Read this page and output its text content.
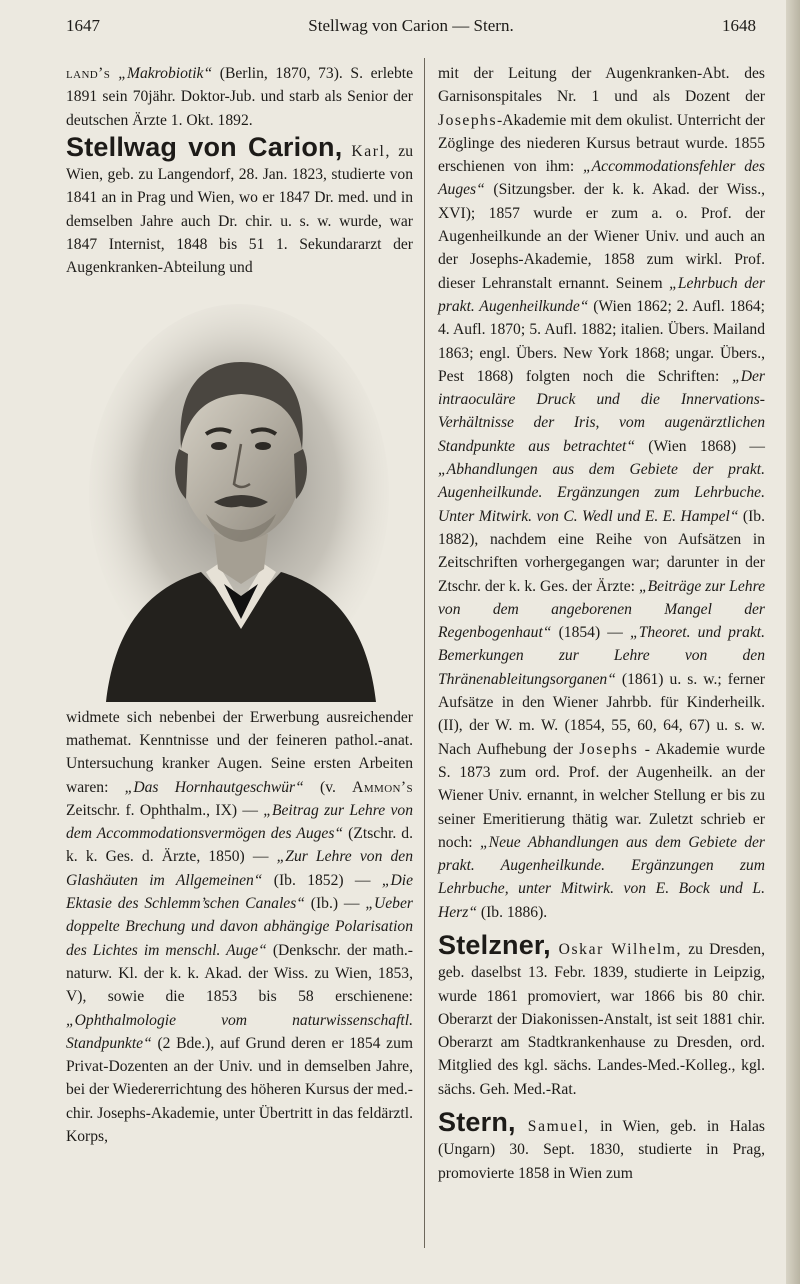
1647	Stellwag von Carion — Stern.	1648

land’s „Makrobiotik“ (Berlin, 1870, 73). S. erlebte 1891 sein 70jähr. Doktor-Jub. und starb als Senior der deutschen Ärzte 1. Okt. 1892.

Stellwag von Carion, Karl, zu Wien, geb. zu Langendorf, 28. Jan. 1823, studierte von 1841 an in Prag und Wien, wo er 1847 Dr. med. und in demselben Jahre auch Dr. chir. u. s. w. wurde, war 1847 Internist, 1848 bis 51 1. Sekundararzt der Augenkranken-Abteilung und

widmete sich nebenbei der Erwerbung ausreichender mathemat. Kenntnisse und der feineren pathol.-anat. Untersuchung kranker Augen. Seine ersten Arbeiten waren: „Das Hornhautgeschwür“ (v. Ammon’s Zeitschr. f. Ophthalm., IX) — „Beitrag zur Lehre von dem Accommodationsvermögen des Auges“ (Ztschr. d. k. k. Ges. d. Ärzte, 1850) — „Zur Lehre von den Glashäuten im Allgemeinen“ (Ib. 1852) — „Die Ektasie des Schlemm’schen Canales“ (Ib.) — „Ueber doppelte Brechung und davon abhängige Polarisation des Lichtes im menschl. Auge“ (Denkschr. der math.-naturw. Kl. der k. k. Akad. der Wiss. zu Wien, 1853, V), sowie die 1853 bis 58 erschienene: „Ophthalmologie vom naturwissenschaftl. Standpunkte“ (2 Bde.), auf Grund deren er 1854 zum Privat-Dozenten an der Univ. und in demselben Jahre, bei der Wiedererrichtung des höheren Kursus der med.-chir. Josephs-Akademie, unter Übertritt in das feldärztl. Korps,

mit der Leitung der Augenkranken-Abt. des Garnisonspitales Nr. 1 und als Dozent der Josephs-Akademie mit dem okulist. Unterricht der Zöglinge des niederen Kursus betraut wurde. 1855 erschienen von ihm: „Accommodationsfehler des Auges“ (Sitzungsber. der k. k. Akad. der Wiss., XVI); 1857 wurde er zum a. o. Prof. der Augenheilkunde an der Wiener Univ. und auch an der Josephs-Akademie, 1858 zum wirkl. Prof. dieser Lehranstalt ernannt. Seinem „Lehrbuch der prakt. Augenheilkunde“ (Wien 1862; 2. Aufl. 1864; 4. Aufl. 1870; 5. Aufl. 1882; italien. Übers. Mailand 1863; engl. Übers. New York 1868; ungar. Übers., Pest 1868) folgten noch die Schriften: „Der intraoculäre Druck und die Innervations-Verhältnisse der Iris, vom augenärztlichen Standpunkte aus betrachtet“ (Wien 1868) — „Abhandlungen aus dem Gebiete der prakt. Augenheilkunde. Ergänzungen zum Lehrbuche. Unter Mitwirk. von C. Wedl und E. E. Hampel“ (Ib. 1882), nachdem eine Reihe von Aufsätzen in Zeitschriften vorhergegangen war; darunter in der Ztschr. der k. k. Ges. der Ärzte: „Beiträge zur Lehre von dem angeborenen Mangel der Regenbogenhaut“ (1854) — „Theoret. und prakt. Bemerkungen zur Lehre von den Thränenableitungsorganen“ (1861) u. s. w.; ferner Aufsätze in den Wiener Jahrbb. für Kinderheilk. (II), der W. m. W. (1854, 55, 60, 64, 67) u. s. w. Nach Aufhebung der Josephs - Akademie wurde S. 1873 zum ord. Prof. der Augenheilk. an der Wiener Univ. ernannt, in welcher Stellung er bis zu seiner Emeritierung thätig war. Zuletzt schrieb er noch: „Neue Abhandlungen aus dem Gebiete der prakt. Augenheilkunde. Ergänzungen zum Lehrbuche, unter Mitwirk. von E. Bock und L. Herz“ (Ib. 1886).

Stelzner, Oskar Wilhelm, zu Dresden, geb. daselbst 13. Febr. 1839, studierte in Leipzig, wurde 1861 promoviert, war 1866 bis 80 chir. Oberarzt der Diakonissen-Anstalt, ist seit 1881 chir. Oberarzt am Stadtkrankenhause zu Dresden, ord. Mitglied des kgl. sächs. Landes-Med.-Kolleg., kgl. sächs. Geh. Med.-Rat.

Stern, Samuel, in Wien, geb. in Halas (Ungarn) 30. Sept. 1830, studierte in Prag, promovierte 1858 in Wien zum
